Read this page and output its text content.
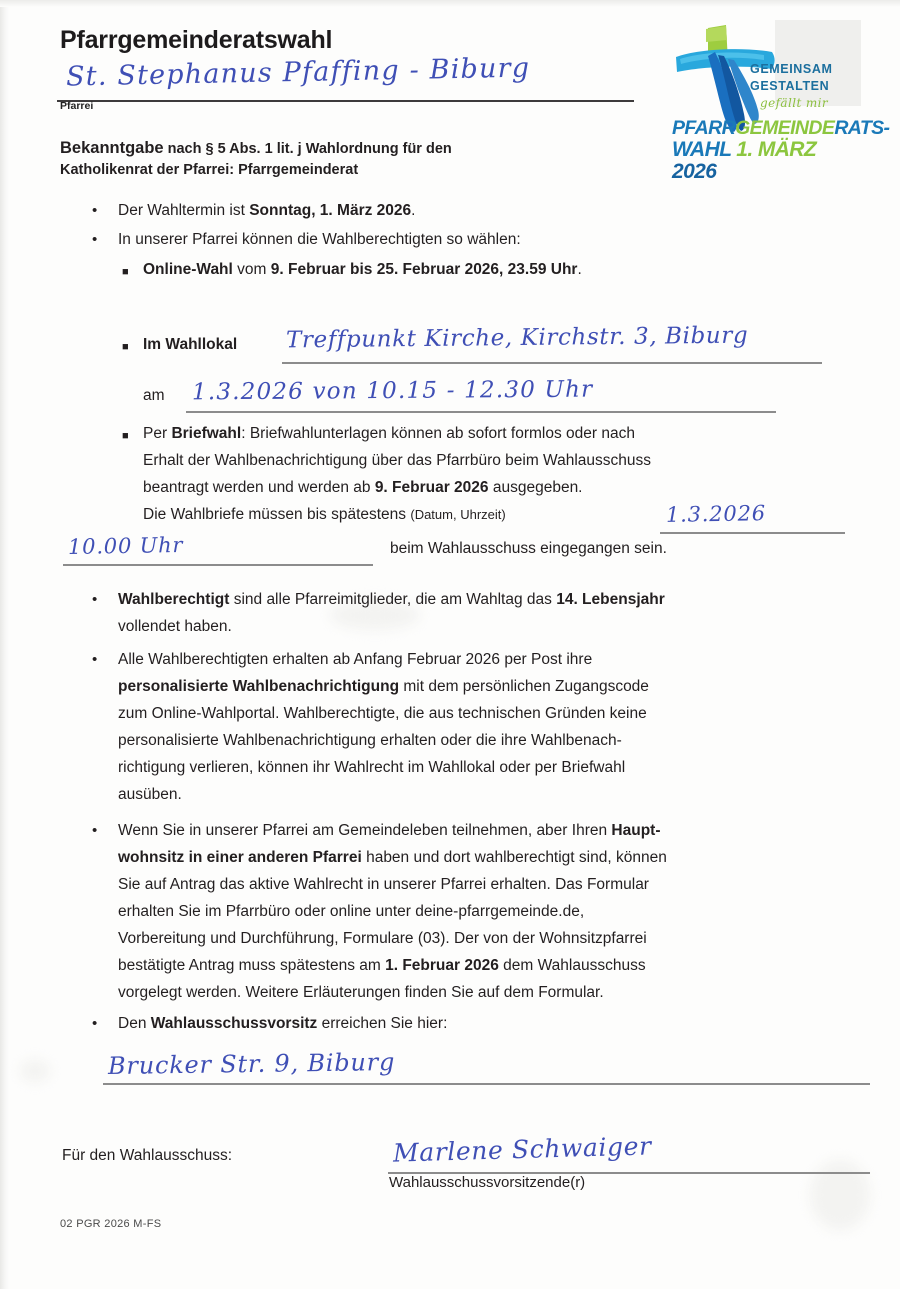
Pfarrgemeinderatswahl
St. Stephanus Pfaffing - Biburg
Pfarrei
GEMEINSAM
GESTALTEN
gefällt mir
PFARRGEMEINDERATS-
WAHL 1. MÄRZ 2026
Bekanntgabe nach § 5 Abs. 1 lit. j Wahlordnung für den
Katholikenrat der Pfarrei: Pfarrgemeinderat
• Der Wahltermin ist Sonntag, 1. März 2026.
• In unserer Pfarrei können die Wahlberechtigten so wählen:
■ Online-Wahl vom 9. Februar bis 25. Februar 2026, 23.59 Uhr.
■ Im Wahllokal Treffpunkt Kirche, Kirchstr. 3, Biburg
am 1.3.2026 von 10.15 - 12.30 Uhr
■ Per Briefwahl: Briefwahlunterlagen können ab sofort formlos oder nach
Erhalt der Wahlbenachrichtigung über das Pfarrbüro beim Wahlausschuss
beantragt werden und werden ab 9. Februar 2026 ausgegeben.
Die Wahlbriefe müssen bis spätestens (Datum, Uhrzeit)	1.3.2026
10.00 Uhr	beim Wahlausschuss eingegangen sein.
• Wahlberechtigt sind alle Pfarreimitglieder, die am Wahltag das 14. Lebensjahr
vollendet haben.
• Alle Wahlberechtigten erhalten ab Anfang Februar 2026 per Post ihre
personalisierte Wahlbenachrichtigung mit dem persönlichen Zugangscode
zum Online-Wahlportal. Wahlberechtigte, die aus technischen Gründen keine
personalisierte Wahlbenachrichtigung erhalten oder die ihre Wahlbenach-
richtigung verlieren, können ihr Wahlrecht im Wahllokal oder per Briefwahl
ausüben.
• Wenn Sie in unserer Pfarrei am Gemeindeleben teilnehmen, aber Ihren Haupt-
wohnsitz in einer anderen Pfarrei haben und dort wahlberechtigt sind, können
Sie auf Antrag das aktive Wahlrecht in unserer Pfarrei erhalten. Das Formular
erhalten Sie im Pfarrbüro oder online unter deine-pfarrgemeinde.de,
Vorbereitung und Durchführung, Formulare (03). Der von der Wohnsitzpfarrei
bestätigte Antrag muss spätestens am 1. Februar 2026 dem Wahlausschuss
vorgelegt werden. Weitere Erläuterungen finden Sie auf dem Formular.
• Den Wahlausschussvorsitz erreichen Sie hier:
Brucker Str. 9, Biburg
Für den Wahlausschuss:	Marlene Schwaiger
Wahlausschussvorsitzende(r)
02 PGR 2026 M-FS
